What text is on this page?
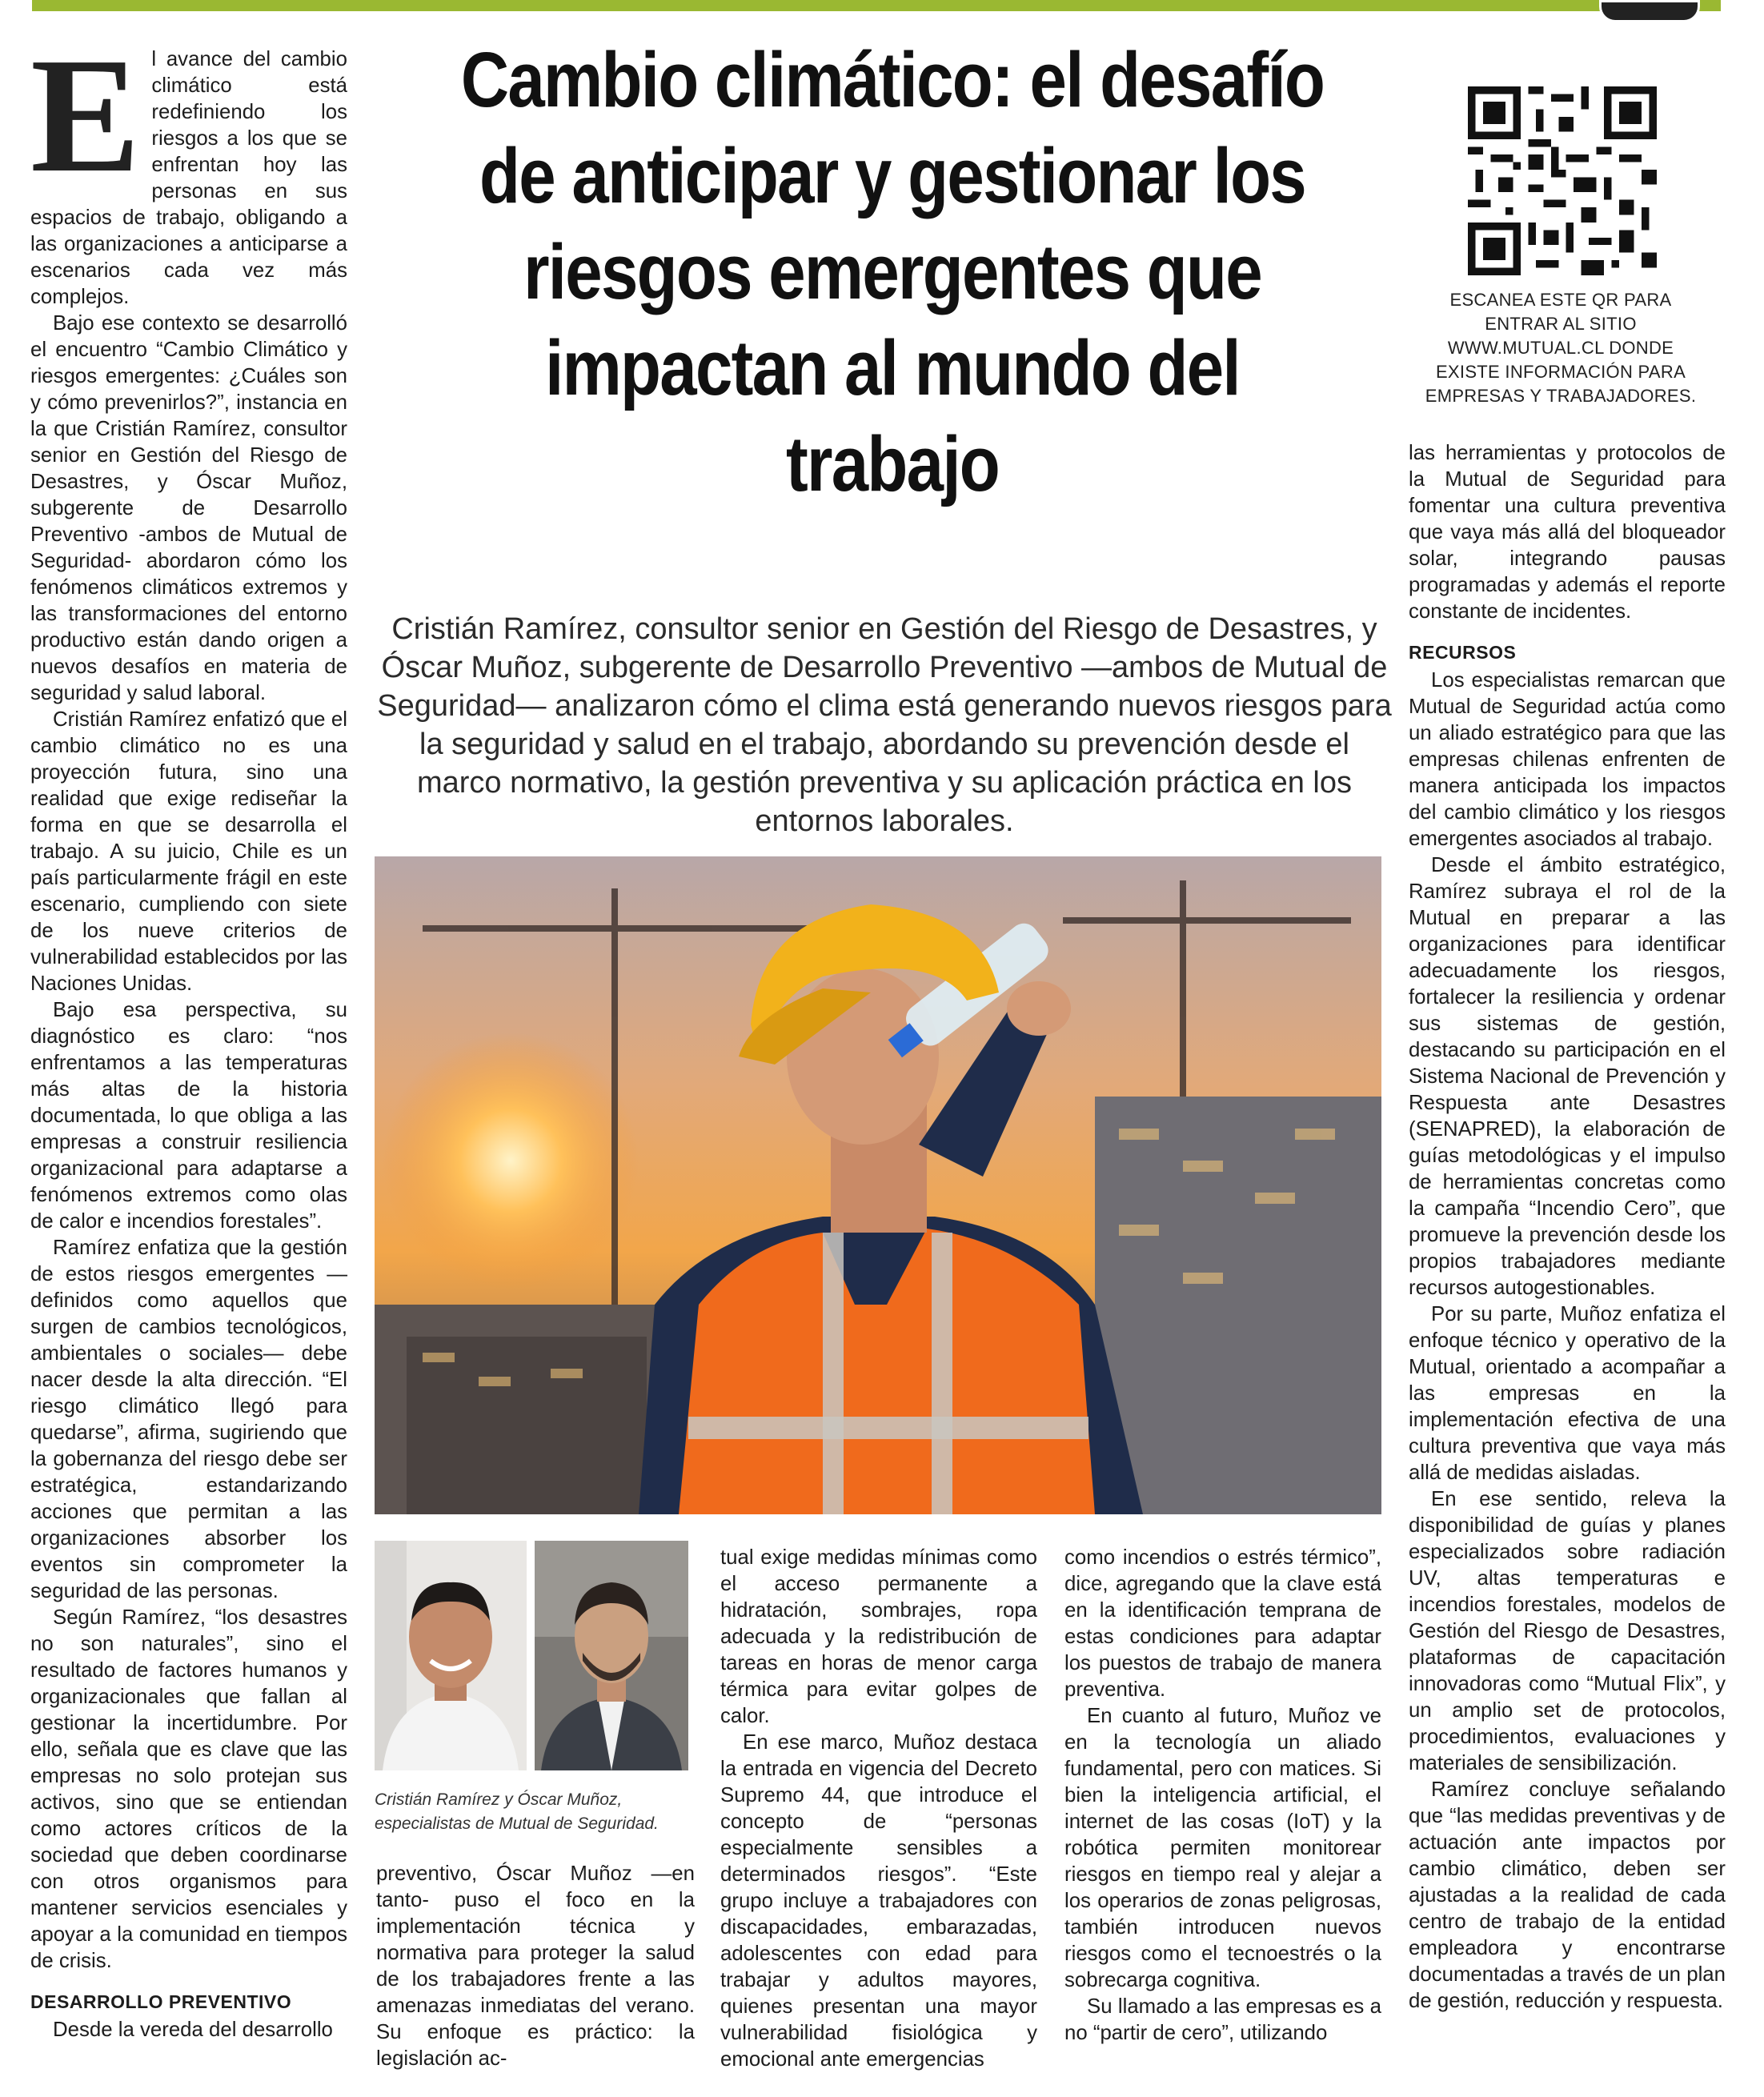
Cambio climático: el desafío de anticipar y gestionar los riesgos emergentes que impactan al mundo del trabajo
Cristián Ramírez, consultor senior en Gestión del Riesgo de Desastres, y Óscar Muñoz, subgerente de Desarrollo Preventivo —ambos de Mutual de Seguridad— analizaron cómo el clima está generando nuevos riesgos para la seguridad y salud en el trabajo, abordando su prevención desde el marco normativo, la gestión preventiva y su aplicación práctica en los entornos laborales.
ESCANEA ESTE QR PARA ENTRAR AL SITIO WWW.MUTUAL.CL DONDE EXISTE INFORMACIÓN PARA EMPRESAS Y TRABAJADORES.
E l avance del cambio climático está redefiniendo los riesgos a los que se enfrentan hoy las personas en sus espacios de trabajo, obligando a las organizaciones a anticiparse a escenarios cada vez más complejos.

Bajo ese contexto se desarrolló el encuentro “Cambio Climático y riesgos emergentes: ¿Cuáles son y cómo prevenirlos?”, instancia en la que Cristián Ramírez, consultor senior en Gestión del Riesgo de Desastres, y Óscar Muñoz, subgerente de Desarrollo Preventivo -ambos de Mutual de Seguridad- abordaron cómo los fenómenos climáticos extremos y las transformaciones del entorno productivo están dando origen a nuevos desafíos en materia de seguridad y salud laboral.

Cristián Ramírez enfatizó que el cambio climático no es una proyección futura, sino una realidad que exige rediseñar la forma en que se desarrolla el trabajo. A su juicio, Chile es un país particularmente frágil en este escenario, cumpliendo con siete de los nueve criterios de vulnerabilidad establecidos por las Naciones Unidas.

Bajo esa perspectiva, su diagnóstico es claro: “nos enfrentamos a las temperaturas más altas de la historia documentada, lo que obliga a las empresas a construir resiliencia organizacional para adaptarse a fenómenos extremos como olas de calor e incendios forestales”.

Ramírez enfatiza que la gestión de estos riesgos emergentes —definidos como aquellos que surgen de cambios tecnológicos, ambientales o sociales— debe nacer desde la alta dirección. “El riesgo climático llegó para quedarse”, afirma, sugiriendo que la gobernanza del riesgo debe ser estratégica, estandarizando acciones que permitan a las organizaciones absorber los eventos sin comprometer la seguridad de las personas.

Según Ramírez, “los desastres no son naturales”, sino el resultado de factores humanos y organizacionales que fallan al gestionar la incertidumbre. Por ello, señala que es clave que las empresas no solo protejan sus activos, sino que se entiendan como actores críticos de la sociedad que deben coordinarse con otros organismos para mantener servicios esenciales y apoyar a la comunidad en tiempos de crisis.

DESARROLLO PREVENTIVO

Desde la vereda del desarrollo

Cristián Ramírez y Óscar Muñoz, especialistas de Mutual de Seguridad.

preventivo, Óscar Muñoz —en tanto- puso el foco en la implementación técnica y normativa para proteger la salud de los trabajadores frente a las amenazas inmediatas del verano. Su enfoque es práctico: la legislación ac-

tual exige medidas mínimas como el acceso permanente a hidratación, sombrajes, ropa adecuada y la redistribución de tareas en horas de menor carga térmica para evitar golpes de calor.

En ese marco, Muñoz destaca la entrada en vigencia del Decreto Supremo 44, que introduce el concepto de “personas especialmente sensibles a determinados riesgos”. “Este grupo incluye a trabajadores con discapacidades, embarazadas, adolescentes con edad para trabajar y adultos mayores, quienes presentan una mayor vulnerabilidad fisiológica y emocional ante emergencias

como incendios o estrés térmico”, dice, agregando que la clave está en la identificación temprana de estas condiciones para adaptar los puestos de trabajo de manera preventiva.

En cuanto al futuro, Muñoz ve en la tecnología un aliado fundamental, pero con matices. Si bien la inteligencia artificial, el internet de las cosas (IoT) y la robótica permiten monitorear riesgos en tiempo real y alejar a los operarios de zonas peligrosas, también introducen nuevos riesgos como el tecnoestrés o la sobrecarga cognitiva.

Su llamado a las empresas es a no “partir de cero”, utilizando

las herramientas y protocolos de la Mutual de Seguridad para fomentar una cultura preventiva que vaya más allá del bloqueador solar, integrando pausas programadas y además el reporte constante de incidentes.

RECURSOS

Los especialistas remarcan que Mutual de Seguridad actúa como un aliado estratégico para que las empresas chilenas enfrenten de manera anticipada los impactos del cambio climático y los riesgos emergentes asociados al trabajo.

Desde el ámbito estratégico, Ramírez subraya el rol de la Mutual en preparar a las organizaciones para identificar adecuadamente los riesgos, fortalecer la resiliencia y ordenar sus sistemas de gestión, destacando su participación en el Sistema Nacional de Prevención y Respuesta ante Desastres (SENAPRED), la elaboración de guías metodológicas y el impulso de herramientas concretas como la campaña “Incendio Cero”, que promueve la prevención desde los propios trabajadores mediante recursos autogestionables.

Por su parte, Muñoz enfatiza el enfoque técnico y operativo de la Mutual, orientado a acompañar a las empresas en la implementación efectiva de una cultura preventiva que vaya más allá de medidas aisladas.

En ese sentido, releva la disponibilidad de guías y planes especializados sobre radiación UV, altas temperaturas e incendios forestales, modelos de Gestión del Riesgo de Desastres, plataformas de capacitación innovadoras como “Mutual Flix”, y un amplio set de protocolos, procedimientos, evaluaciones y materiales de sensibilización.

Ramírez concluye señalando que “las medidas preventivas y de actuación ante impactos por cambio climático, deben ser ajustadas a la realidad de cada centro de trabajo de la entidad empleadora y encontrarse documentadas a través de un plan de gestión, reducción y respuesta.
